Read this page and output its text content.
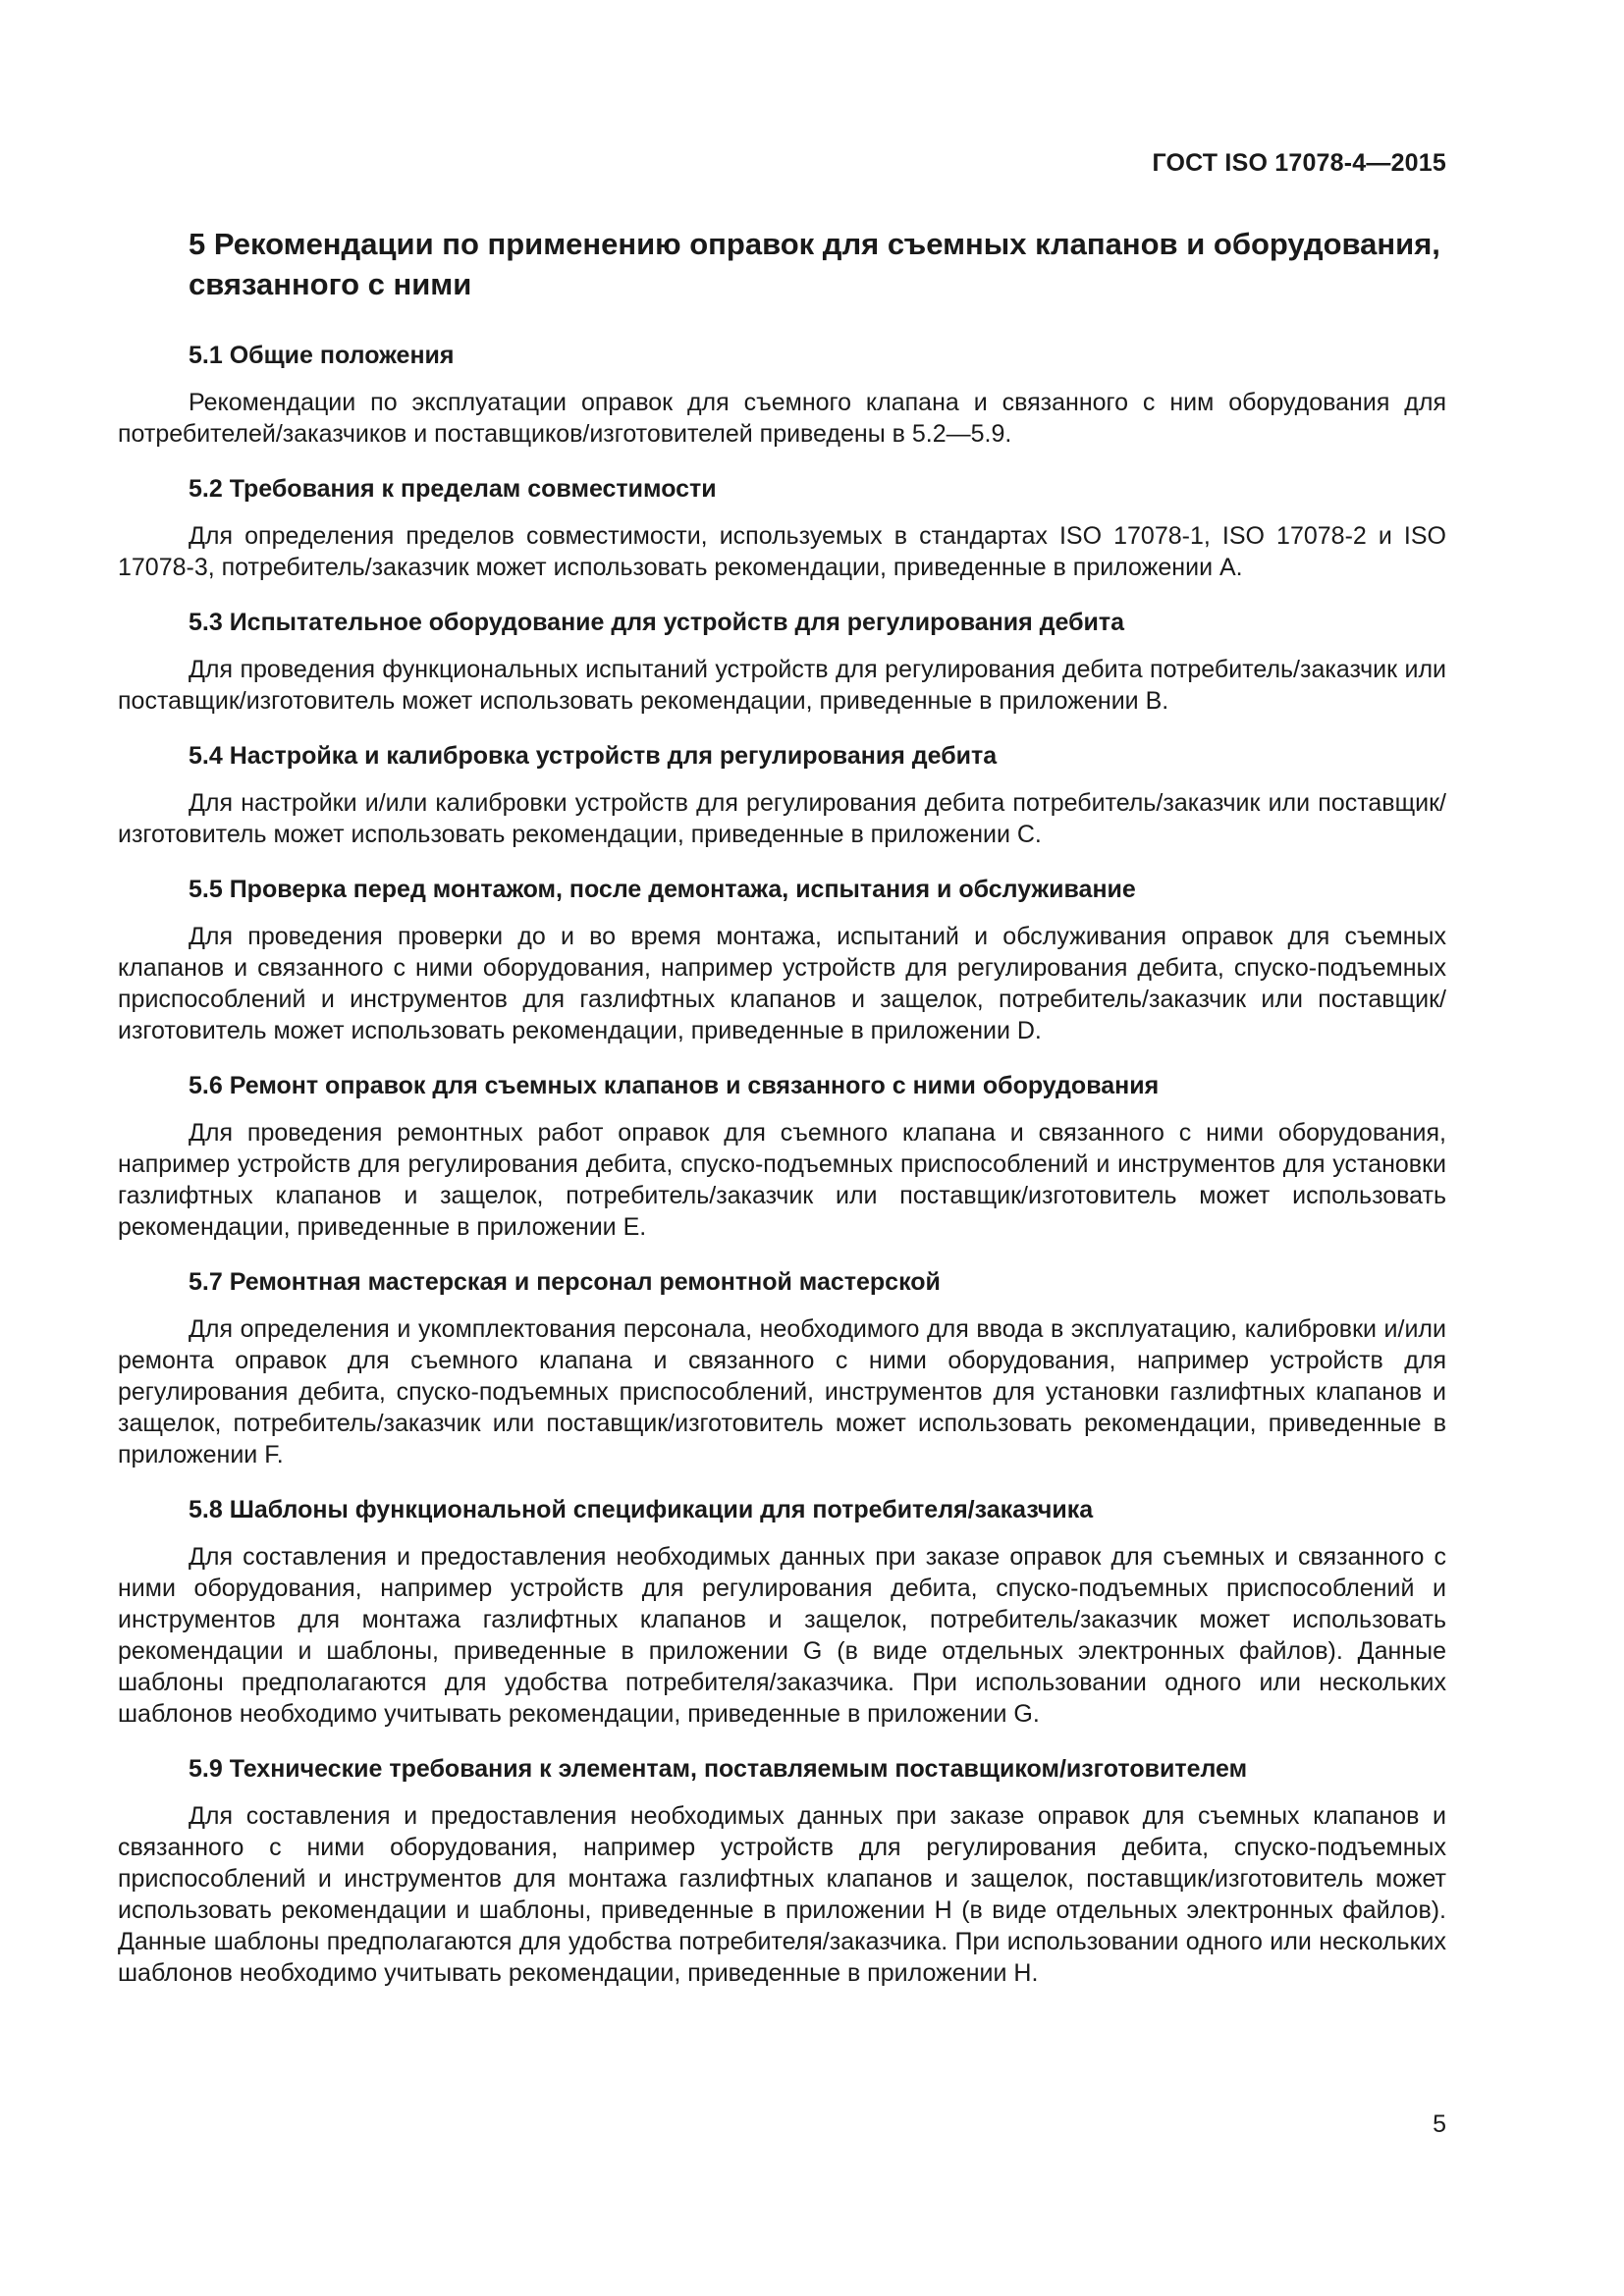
ГОСТ ISO 17078-4—2015
5 Рекомендации по применению оправок для съемных клапанов и оборудования, связанного с ними
5.1 Общие положения

Рекомендации по эксплуатации оправок для съемного клапана и связанного с ним оборудования для потребителей/заказчиков и поставщиков/изготовителей приведены в 5.2—5.9.

5.2 Требования к пределам совместимости

Для определения пределов совместимости, используемых в стандартах ISO 17078-1, ISO 17078-2 и ISO 17078-3, потребитель/заказчик может использовать рекомендации, приведенные в приложении А.

5.3 Испытательное оборудование для устройств для регулирования дебита

Для проведения функциональных испытаний устройств для регулирования дебита потребитель/заказчик или поставщик/изготовитель может использовать рекомендации, приведенные в приложении В.

5.4 Настройка и калибровка устройств для регулирования дебита

Для настройки и/или калибровки устройств для регулирования дебита потребитель/заказчик или поставщик/изготовитель может использовать рекомендации, приведенные в приложении С.

5.5 Проверка перед монтажом, после демонтажа, испытания и обслуживание

Для проведения проверки до и во время монтажа, испытаний и обслуживания оправок для съемных клапанов и связанного с ними оборудования, например устройств для регулирования дебита, спуско-подъемных приспособлений и инструментов для газлифтных клапанов и защелок, потребитель/заказчик или поставщик/изготовитель может использовать рекомендации, приведенные в приложении D.

5.6 Ремонт оправок для съемных клапанов и связанного с ними оборудования

Для проведения ремонтных работ оправок для съемного клапана и связанного с ними оборудования, например устройств для регулирования дебита, спуско-подъемных приспособлений и инструментов для установки газлифтных клапанов и защелок, потребитель/заказчик или поставщик/изготовитель может использовать рекомендации, приведенные в приложении Е.

5.7 Ремонтная мастерская и персонал ремонтной мастерской

Для определения и укомплектования персонала, необходимого для ввода в эксплуатацию, калибровки и/или ремонта оправок для съемного клапана и связанного с ними оборудования, например устройств для регулирования дебита, спуско-подъемных приспособлений, инструментов для установки газлифтных клапанов и защелок, потребитель/заказчик или поставщик/изготовитель может использовать рекомендации, приведенные в приложении F.

5.8 Шаблоны функциональной спецификации для потребителя/заказчика

Для составления и предоставления необходимых данных при заказе оправок для съемных и связанного с ними оборудования, например устройств для регулирования дебита, спуско-подъемных приспособлений и инструментов для монтажа газлифтных клапанов и защелок, потребитель/заказчик может использовать рекомендации и шаблоны, приведенные в приложении G (в виде отдельных электронных файлов). Данные шаблоны предполагаются для удобства потребителя/заказчика. При использовании одного или нескольких шаблонов необходимо учитывать рекомендации, приведенные в приложении G.

5.9 Технические требования к элементам, поставляемым поставщиком/изготовителем

Для составления и предоставления необходимых данных при заказе оправок для съемных клапанов и связанного с ними оборудования, например устройств для регулирования дебита, спуско-подъемных приспособлений и инструментов для монтажа газлифтных клапанов и защелок, поставщик/изготовитель может использовать рекомендации и шаблоны, приведенные в приложении Н (в виде отдельных электронных файлов). Данные шаблоны предполагаются для удобства потребителя/заказчика. При использовании одного или нескольких шаблонов необходимо учитывать рекомендации, приведенные в приложении Н.

5
